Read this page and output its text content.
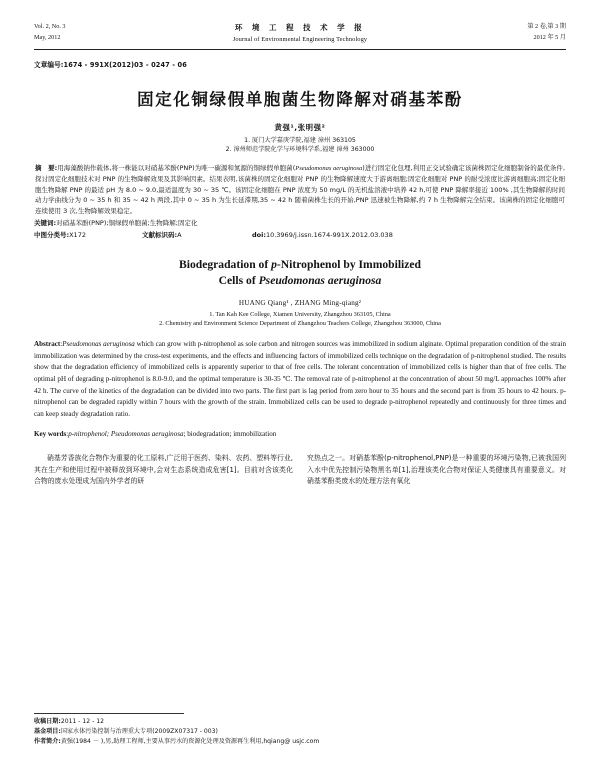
Vol. 2, No. 3
May, 2012
环 境 工 程 技 术 学 报
Journal of Environmental Engineering Technology
第 2 卷,第 3 期
2012 年 5 月
文章编号:1674 - 991X(2012)03 - 0247 - 06
固定化铜绿假单胞菌生物降解对硝基苯酚
黄强¹,张明强²
1. 厦门大学嘉庚学院,福建 漳州 363105
2. 漳州师范学院化学与环境科学系,福建 漳州 363000
摘　要:用海藻酸钠作载体,将一株能以对硝基苯酚(PNP)为唯一碳源和氮源的铜绿假单胞菌(Pseudomonas aeruginosa)进行固定化包埋,利用正交试验确定该菌株固定化细胞制备的最优条件,探讨固定化细胞技术对 PNP 的生物降解效果及其影响因素。结果表明,该菌株的固定化细胞对 PNP 的生物降解速度大于游离细胞;固定化细胞对 PNP 的耐受浓度比游离细胞高;固定化细胞生物降解 PNP 的最适 pH 为 8.0 ~ 9.0,最适温度为 30 ~ 35 ℃。该固定化细胞在 PNP 浓度为 50 mg/L 的无机盐溶液中培养 42 h,可使 PNP 降解率接近 100% ,其生物降解的时间动力学曲线分为 0 ~ 35 h 和 35 ~ 42 h 两段,其中 0 ~ 35 h 为生长延滞期,35 ~ 42 h 随着菌株生长的开始,PNP 迅速被生物降解,约 7 h 生物降解完全结束。该菌株的固定化细胞可连续使用 3 次,生物降解效果稳定。
关键词:对硝基苯酚(PNP);铜绿假单胞菌;生物降解;固定化
中图分类号:X172	文献标识码:A	doi:10.3969/j.issn.1674-991X.2012.03.038
Biodegradation of p-Nitrophenol by Immobilized
Cells of Pseudomonas aeruginosa
HUANG Qiang¹ , ZHANG Ming-qiang²
1. Tan Kah Kee College, Xiamen University, Zhangzhou 363105, China
2. Chemistry and Environment Science Department of Zhangzhou Teachers College, Zhangzhou 363000, China
Abstract:Pseudomonas aeruginosa which can grow with p-nitrophenol as sole carbon and nitrogen sources was immobilized in sodium alginate. Optimal preparation condition of the strain immobilization was determined by the cross-test experiments, and the effects and influencing factors of immobilized cells technique on the degradation of p-nitrophenol studied. The results show that the degradation efficiency of immobilized cells is apparently superior to that of free cells. The tolerant concentration of immobilized cells is higher than that of free cells. The optimal pH of degrading p-nitrophenol is 8.0-9.0, and the optimal temperature is 30-35 ℃. The removal rate of p-nitrophenol at the concentration of about 50 mg/L approaches 100% after 42 h. The curve of the kinetics of the degradation can be divided into two parts. The first part is lag period from zero hour to 35 hours and the second part is from 35 hours to 42 hours. p-nitrophenol can be degraded rapidly within 7 hours with the growth of the strain. Immobilized cells can be used to degrade p-nitrophenol repeatedly and continuously for three times and can keep steady degradation ratio.
Key words:p-nitrophenol; Pseudomonas aeruginosa; biodegradation; immobilization

硝基芳香族化合物作为重要的化工原料,广泛用于医药、染料、农药、塑料等行业,其在生产和使用过程中被释放到环境中,会对生态系统造成危害[1]。目前对含该类化合物的废水处理成为国内外学者的研

究热点之一。对硝基苯酚(p-nitrophenol,PNP)是一种重要的环境污染物,已被我国列入水中优先控制污染物黑名单[1],治理该类化合物对保证人类健康具有重要意义。对硝基苯酚类废水的处理方法有氧化

收稿日期:2011 - 12 - 12
基金项目:国家水体污染控制与治理重大专项(2009ZX07317 - 003)
作者简介:黄强(1984 － ),男,助理工程师,主要从事污水的资源化处理及资源再生利用,hqiang@ usjc.com
